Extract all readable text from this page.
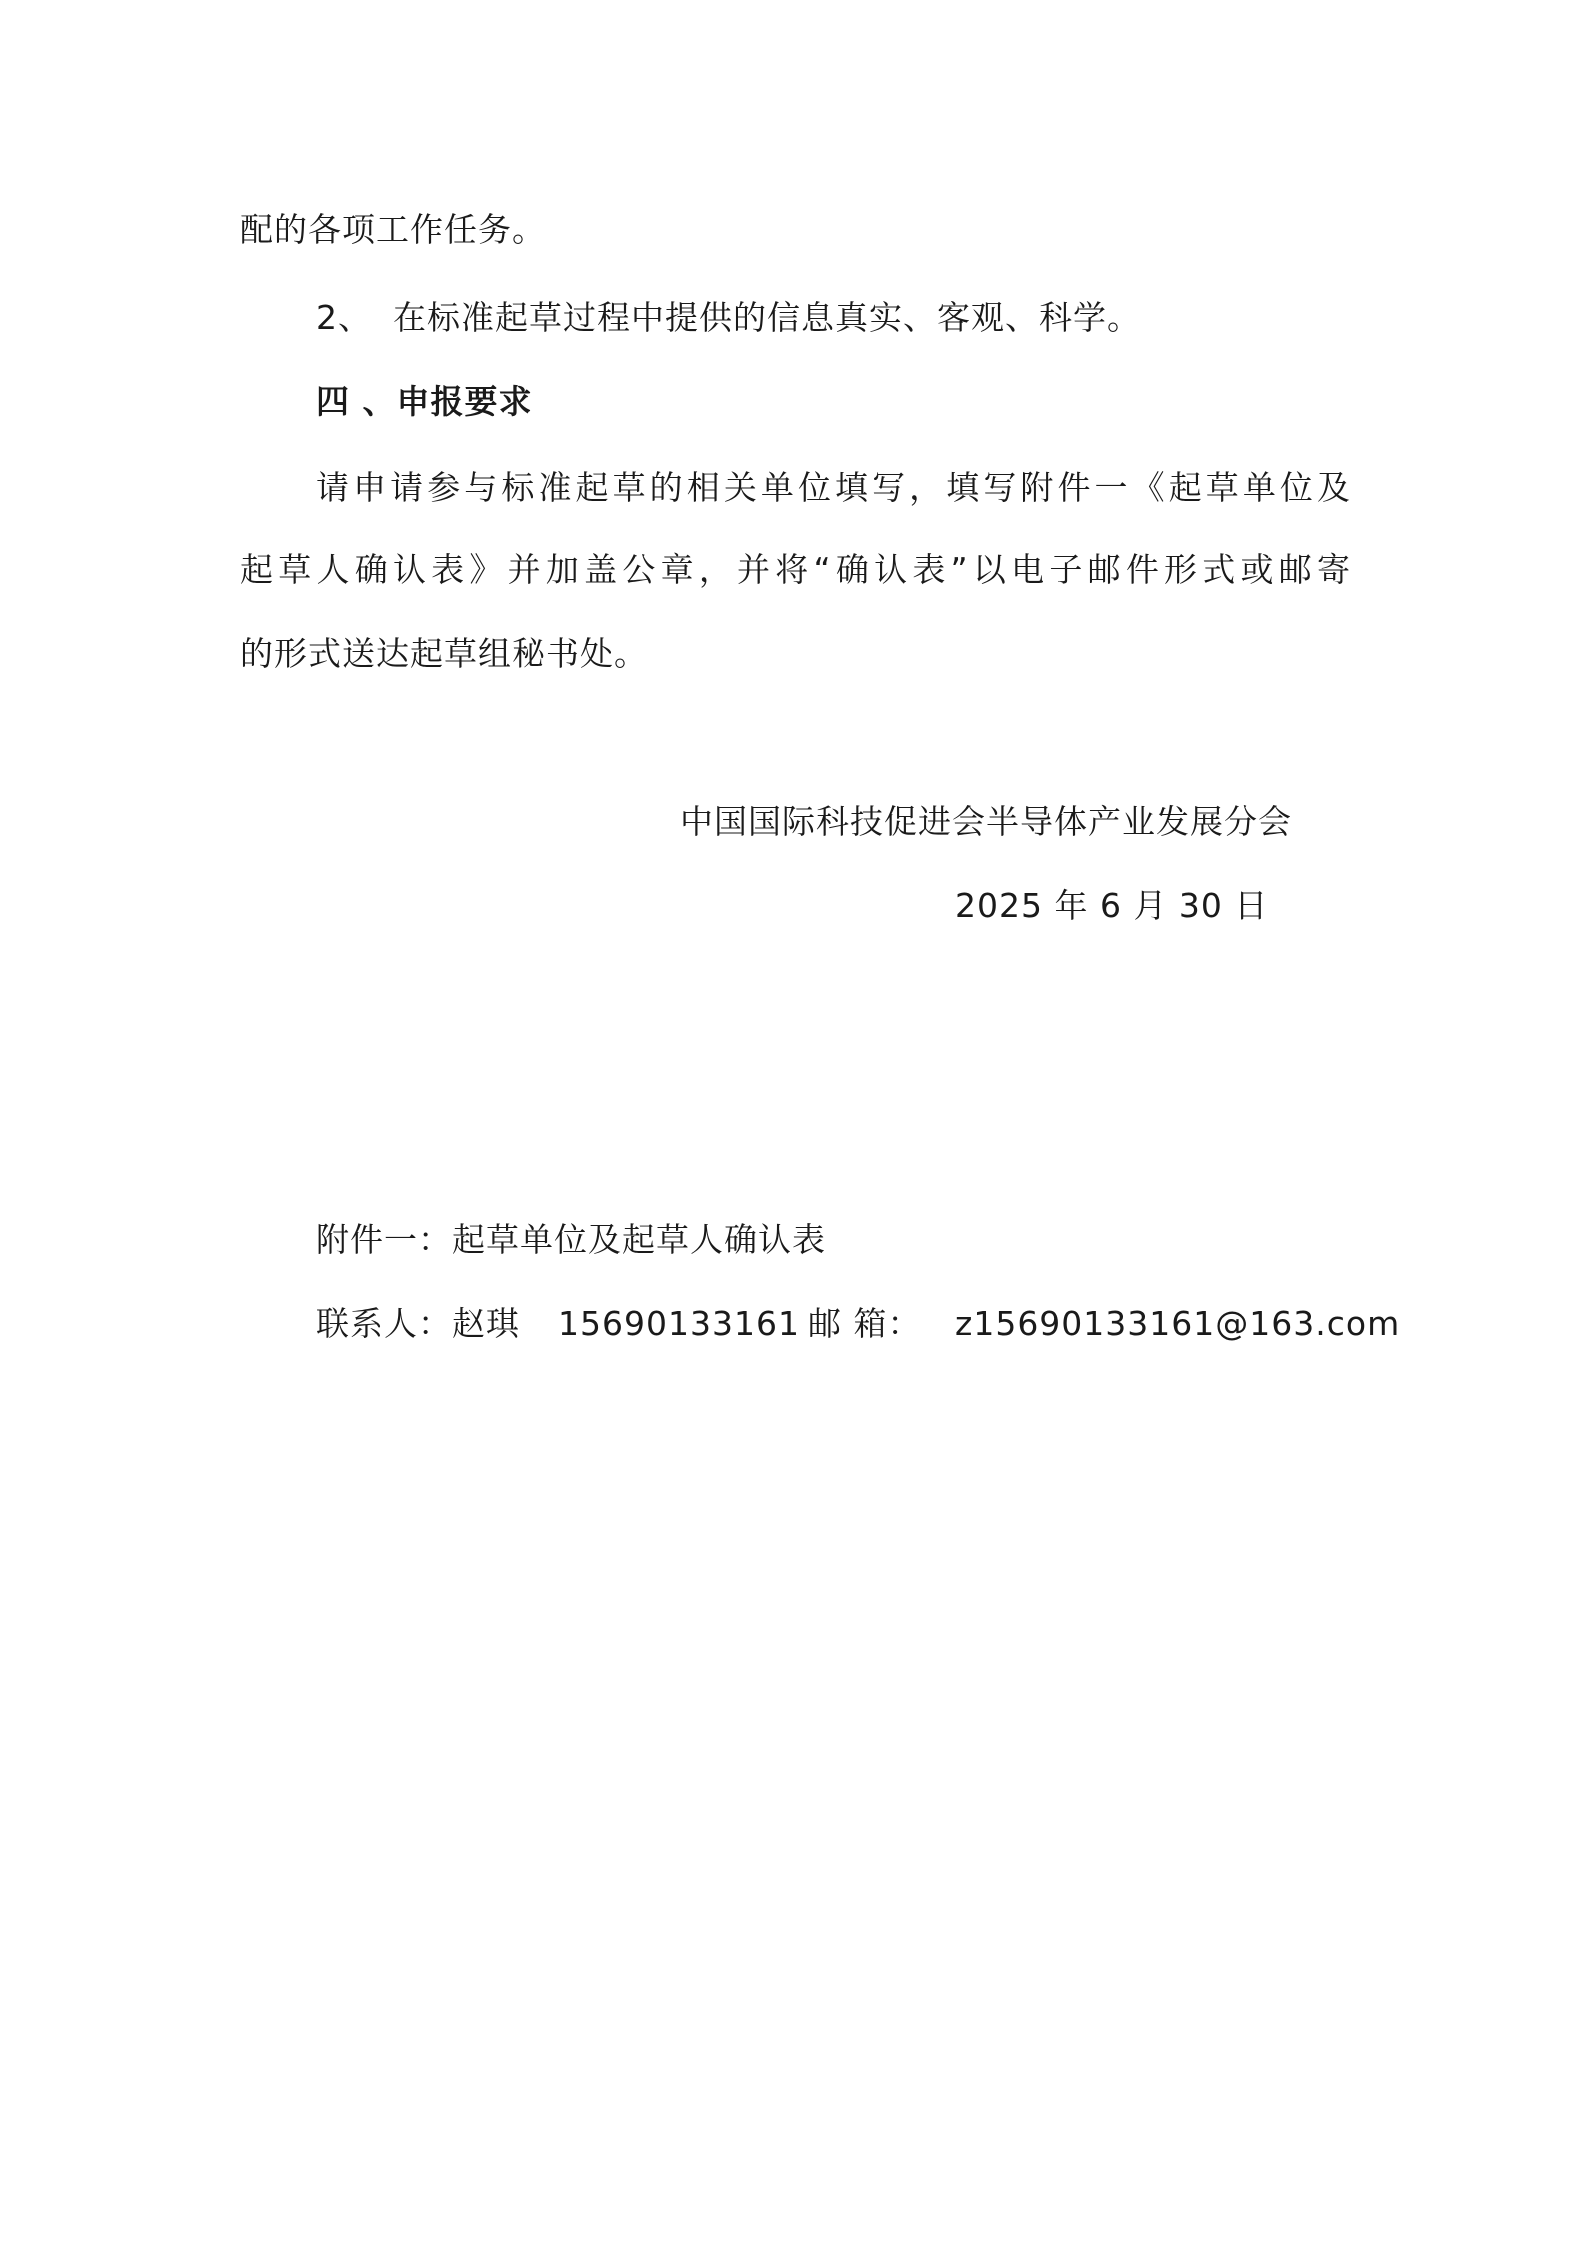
配的各项工作任务。
2、 在标准起草过程中提供的信息真实、客观、科学。
四 、申报要求
请申请参与标准起草的相关单位填写，填写附件一《起草单位及
起草人确认表》并加盖公章，并将“确认表”以电子邮件形式或邮寄
的形式送达起草组秘书处。
中国国际科技促进会半导体产业发展分会
2025 年 6 月 30 日
附件一：起草单位及起草人确认表
联系人：赵琪 15690133161 邮 箱： z15690133161@163.com
